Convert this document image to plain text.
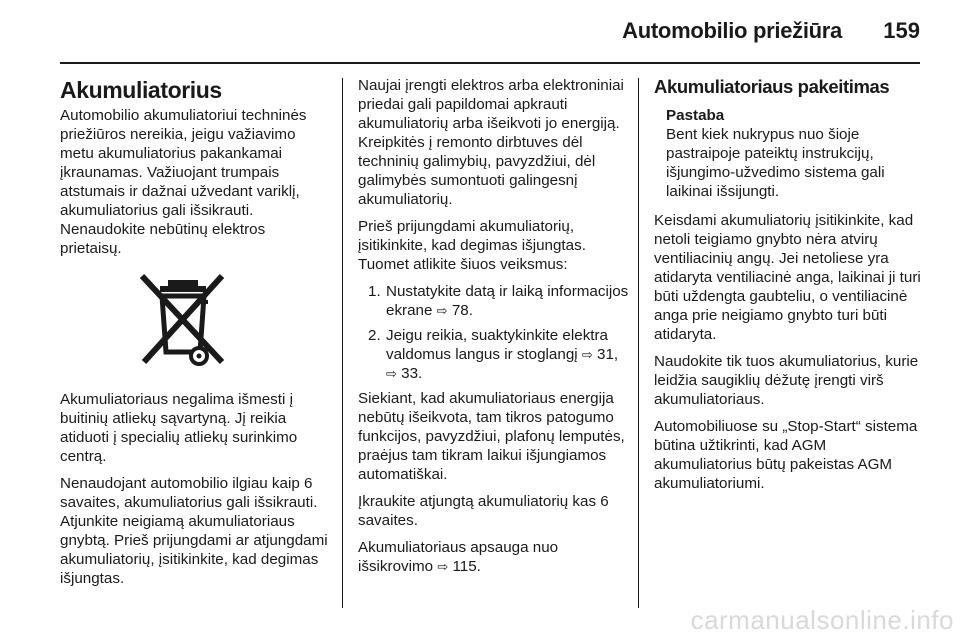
Automobilio priežiūra 159
Akumuliatorius

Automobilio akumuliatoriui techninės priežiūros nereikia, jeigu važiavimo metu akumuliatorius pakankamai įkraunamas. Važiuojant trumpais atstumais ir dažnai užvedant variklį, akumuliatorius gali išsikrauti. Nenaudokite nebūtinų elektros prietaisų.

Akumuliatoriaus negalima išmesti į buitinių atliekų sąvartyną. Jį reikia atiduoti į specialių atliekų surinkimo centrą.

Nenaudojant automobilio ilgiau kaip 6 savaites, akumuliatorius gali išsikrauti. Atjunkite neigiamą akumuliatoriaus gnybtą. Prieš prijungdami ar atjungdami akumuliatorių, įsitikinkite, kad degimas išjungtas.

Naujai įrengti elektros arba elektroniniai priedai gali papildomai apkrauti akumuliatorių arba išeikvoti jo energiją. Kreipkitės į remonto dirbtuves dėl techninių galimybių, pavyzdžiui, dėl galimybės sumontuoti galingesnį akumuliatorių.

Prieš prijungdami akumuliatorių, įsitikinkite, kad degimas išjungtas. Tuomet atlikite šiuos veiksmus:

1. Nustatykite datą ir laiką informacijos ekrane ⇨ 78.
2. Jeigu reikia, suaktykinkite elektra valdomus langus ir stoglangį ⇨ 31, ⇨ 33.

Siekiant, kad akumuliatoriaus energija nebūtų išeikvota, tam tikros patogumo funkcijos, pavyzdžiui, plafonų lemputės, praėjus tam tikram laikui išjungiamos automatiškai.

Įkraukite atjungtą akumuliatorių kas 6 savaites.

Akumuliatoriaus apsauga nuo išsikrovimo ⇨ 115.

Akumuliatoriaus pakeitimas
Pastaba
Bent kiek nukrypus nuo šioje pastraipoje pateiktų instrukcijų, išjungimo-užvedimo sistema gali laikinai išsijungti.

Keisdami akumuliatorių įsitikinkite, kad netoli teigiamo gnybto nėra atvirų ventiliacinių angų. Jei netoliese yra atidaryta ventiliacinė anga, laikinai ji turi būti uždengta gaubteliu, o ventiliacinė anga prie neigiamo gnybto turi būti atidaryta.

Naudokite tik tuos akumuliatorius, kurie leidžia saugiklių dėžutę įrengti virš akumuliatoriaus.

Automobiliuose su „Stop-Start“ sistema būtina užtikrinti, kad AGM akumuliatorius būtų pakeistas AGM akumuliatoriumi.

carmanualsonline.info
